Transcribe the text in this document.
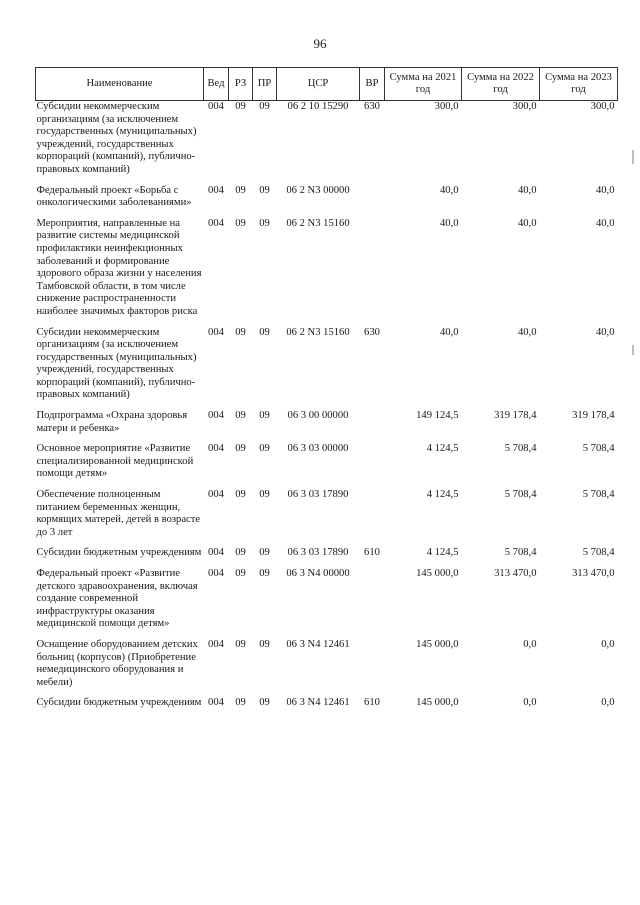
96
Наименование	Вед	РЗ	ПР	ЦСР	ВР	Сумма на 2021 год	Сумма на 2022 год	Сумма на 2023 год
Субсидии некоммерческим организациям (за исключением государственных (муниципальных) учреждений, государственных корпораций (компаний), публично-правовых компаний)	004	09	09	06 2 10 15290	630	300,0	300,0	300,0
Федеральный проект «Борьба с онкологическими заболеваниями»	004	09	09	06 2 N3 00000		40,0	40,0	40,0
Мероприятия, направленные на развитие системы медицинской профилактики неинфекционных заболеваний и формирование здорового образа жизни у населения Тамбовской области, в том числе снижение распространенности наиболее значимых факторов риска	004	09	09	06 2 N3 15160		40,0	40,0	40,0
Субсидии некоммерческим организациям (за исключением государственных (муниципальных) учреждений, государственных корпораций (компаний), публично-правовых компаний)	004	09	09	06 2 N3 15160	630	40,0	40,0	40,0
Подпрограмма «Охрана здоровья матери и ребенка»	004	09	09	06 3 00 00000		149 124,5	319 178,4	319 178,4
Основное мероприятие «Развитие специализированной медицинской помощи детям»	004	09	09	06 3 03 00000		4 124,5	5 708,4	5 708,4
Обеспечение полноценным питанием беременных женщин, кормящих матерей, детей в возрасте до 3 лет	004	09	09	06 3 03 17890		4 124,5	5 708,4	5 708,4
Субсидии бюджетным учреждениям	004	09	09	06 3 03 17890	610	4 124,5	5 708,4	5 708,4
Федеральный проект «Развитие детского здравоохранения, включая создание современной инфраструктуры оказания медицинской помощи детям»	004	09	09	06 3 N4 00000		145 000,0	313 470,0	313 470,0
Оснащение оборудованием детских больниц (корпусов) (Приобретение немедицинского оборудования и мебели)	004	09	09	06 3 N4 12461		145 000,0	0,0	0,0
Субсидии бюджетным учреждениям	004	09	09	06 3 N4 12461	610	145 000,0	0,0	0,0
